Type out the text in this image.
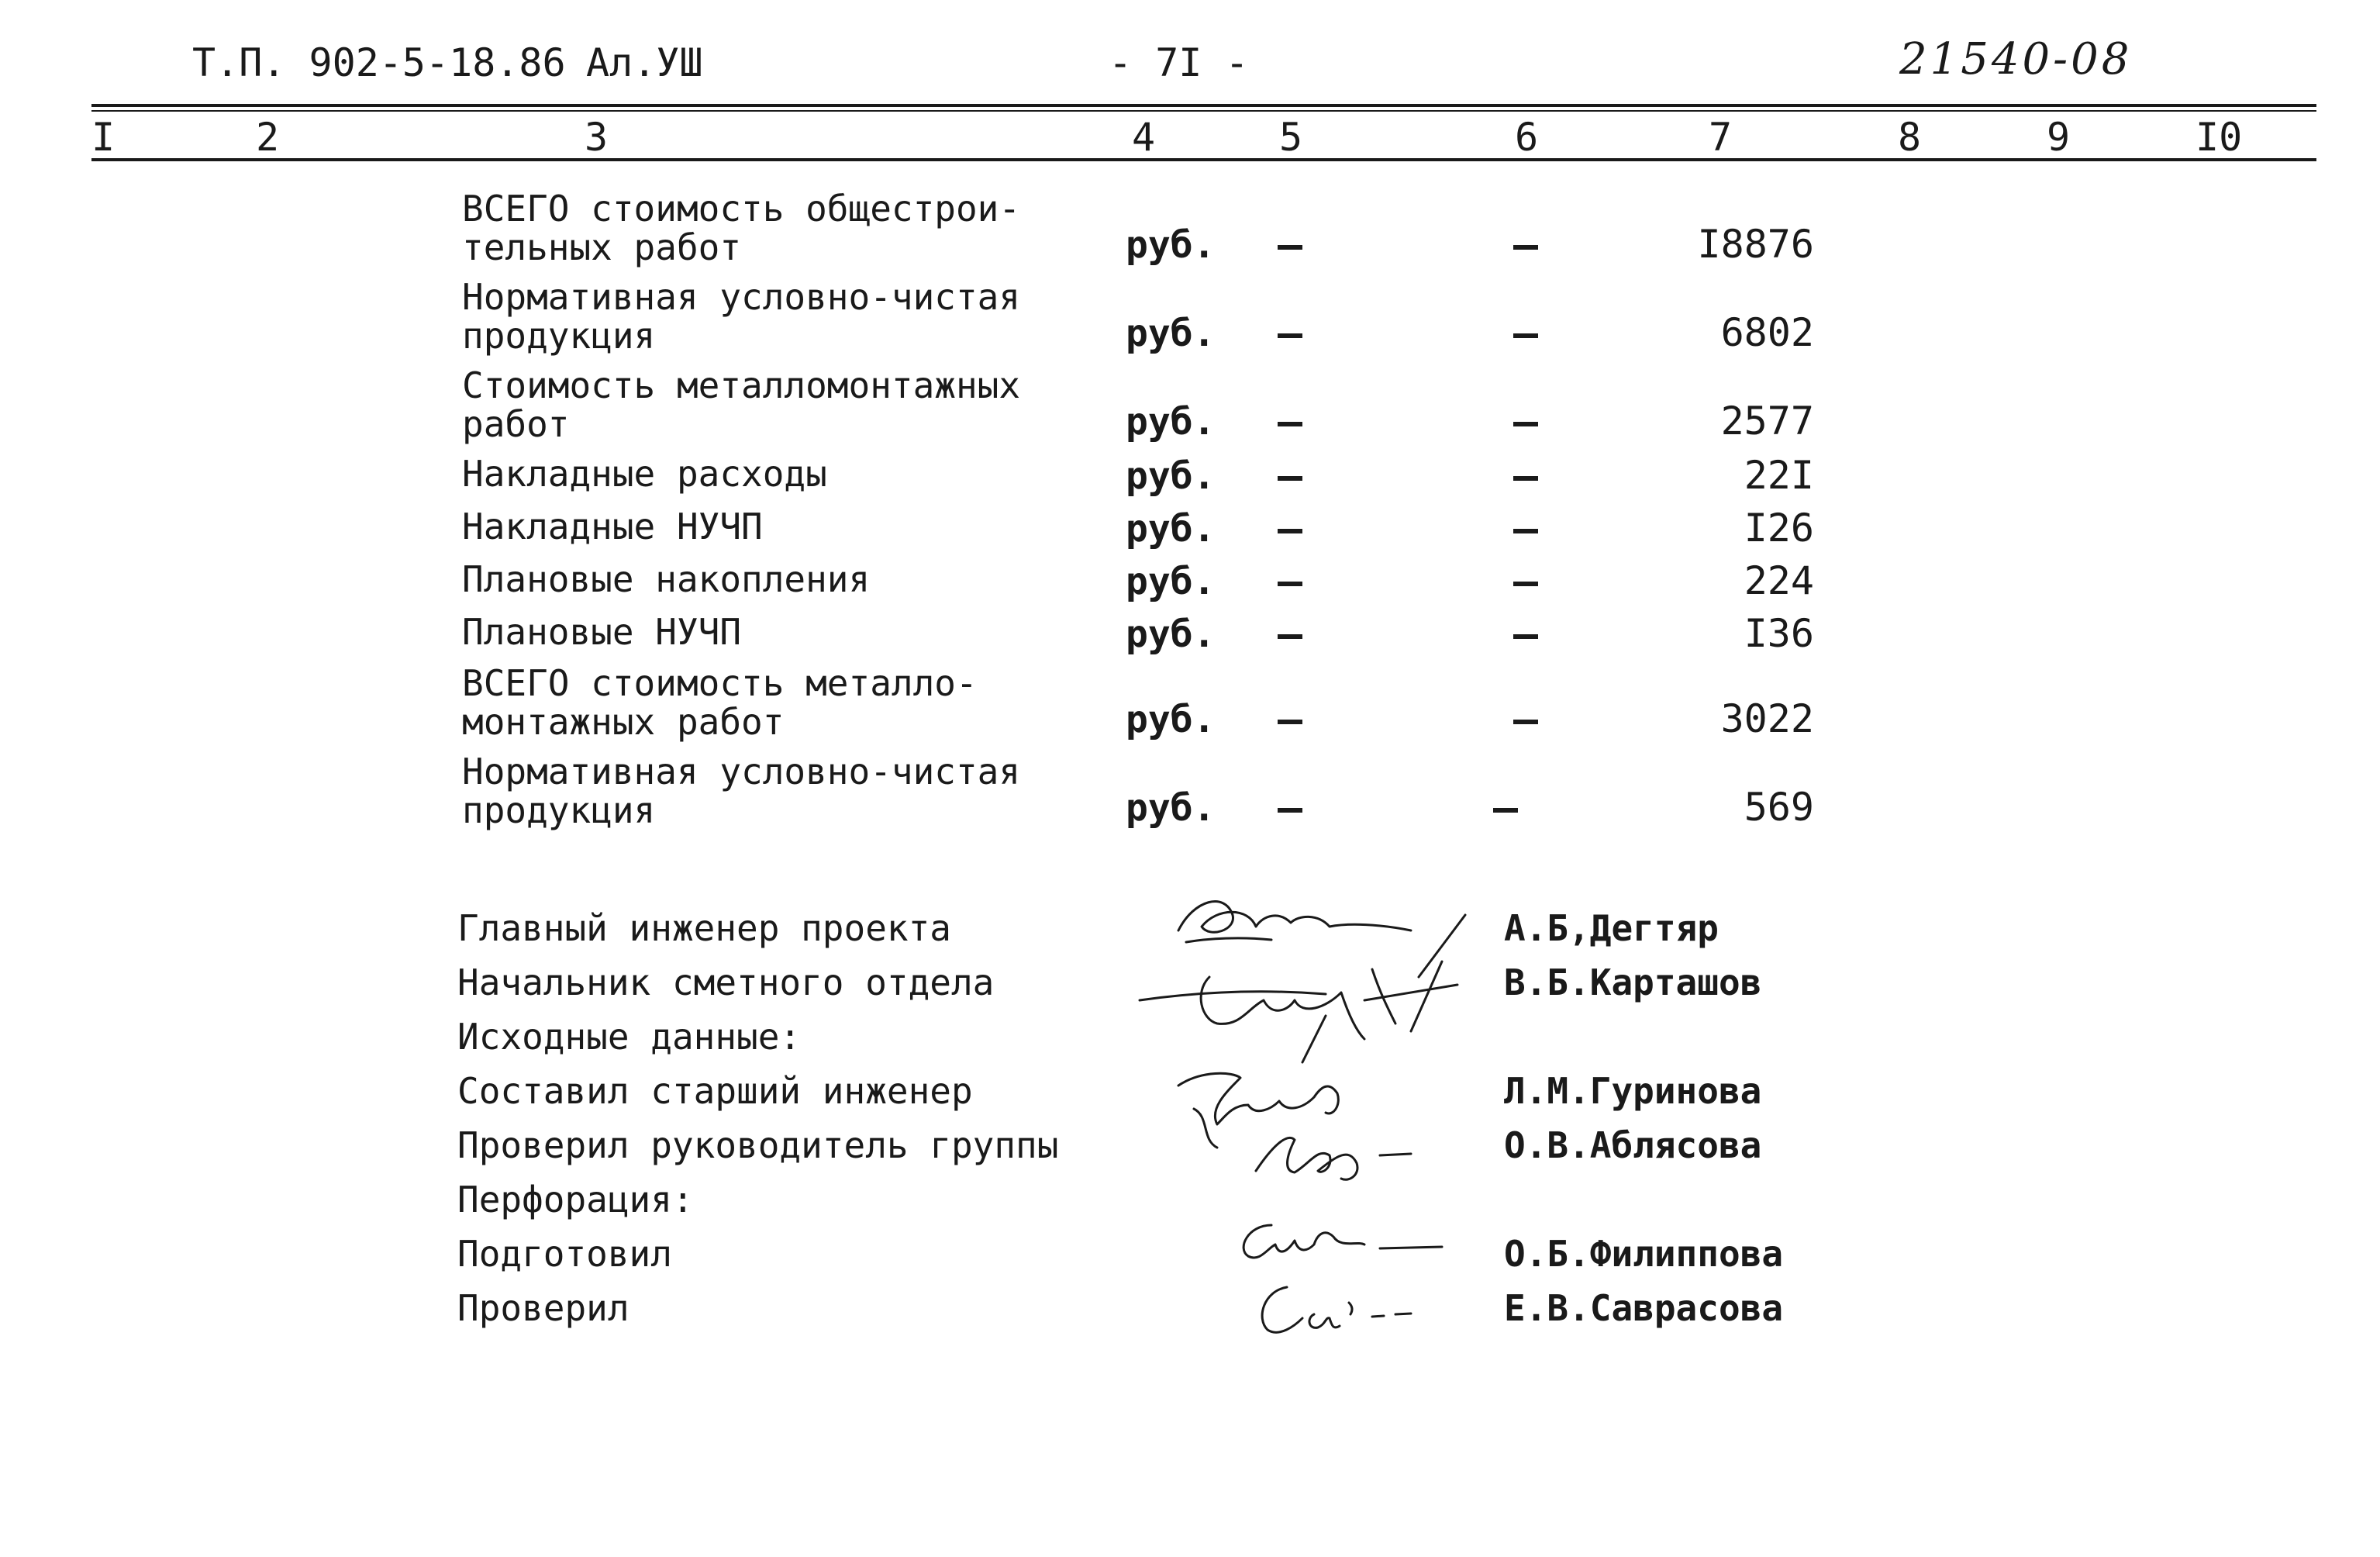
Т.П. 902-5-18.86 Ал.УШ	- 7I -	21540-08
I	2	3	4	5	6	7	8	9	I0
ВСЕГО стоимость общестрои-
тельных работ	руб.	I8876
Нормативная условно-чистая
продукция	руб.	6802
Стоимость металломонтажных
работ	руб.	2577
Накладные расходы	руб.	22I
Накладные НУЧП	руб.	I26
Плановые накопления	руб.	224
Плановые НУЧП	руб.	I36
ВСЕГО стоимость металло-
монтажных работ	руб.	3022
Нормативная условно-чистая
продукция	руб.	569
Главный инженер проекта	А.Б,Дегтяр
Начальник сметного отдела	В.Б.Карташов
Исходные данные:
Составил старший инженер	Л.М.Гуринова
Проверил руководитель группы	О.В.Аблясова
Перфорация:
Подготовил	О.Б.Филиппова
Проверил	Е.В.Саврасова
